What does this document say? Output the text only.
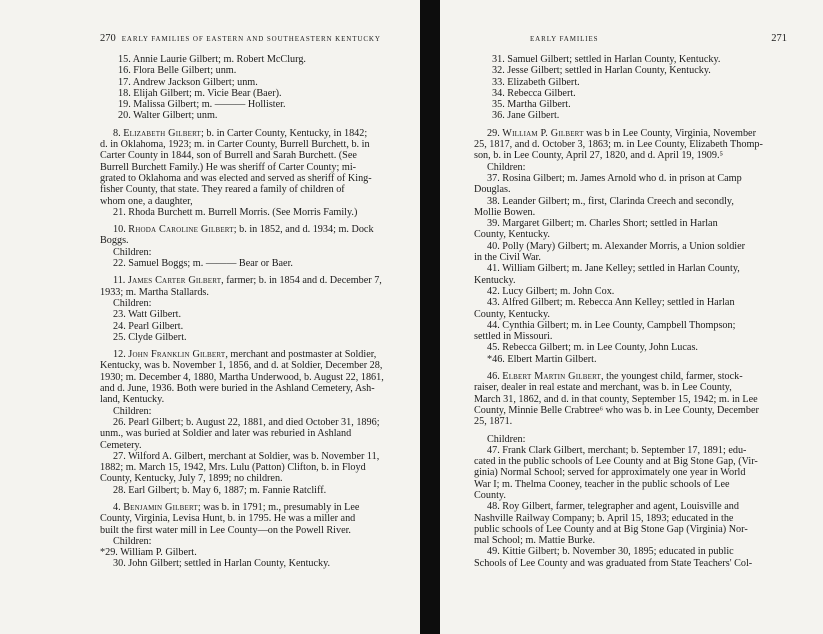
270 EARLY FAMILIES OF EASTERN AND SOUTHEASTERN KENTUCKY
15. Annie Laurie Gilbert; m. Robert McClurg.
16. Flora Belle Gilbert; unm.
17. Andrew Jackson Gilbert; unm.
18. Elijah Gilbert; m. Vicie Bear (Baer).
19. Malissa Gilbert; m. ——— Hollister.
20. Walter Gilbert; unm.
8. Elizabeth Gilbert; b. in Carter County, Kentucky, in 1842;
d. in Oklahoma, 1923; m. in Carter County, Burrell Burchett, b. in
Carter County in 1844, son of Burrell and Sarah Burchett. (See
Burrell Burchett Family.) He was sheriff of Carter County; mi-
grated to Oklahoma and was elected and served as sheriff of King-
fisher County, that state. They reared a family of children of
whom one, a daughter,
21. Rhoda Burchett m. Burrell Morris. (See Morris Family.)
10. Rhoda Caroline Gilbert; b. in 1852, and d. 1934; m. Dock
Boggs.
Children:
22. Samuel Boggs; m. ——— Bear or Baer.
11. James Carter Gilbert, farmer; b. in 1854 and d. December 7,
1933; m. Martha Stallards.
Children:
23. Watt Gilbert.
24. Pearl Gilbert.
25. Clyde Gilbert.
12. John Franklin Gilbert, merchant and postmaster at Soldier,
Kentucky, was b. November 1, 1856, and d. at Soldier, December 28,
1930; m. December 4, 1880, Martha Underwood, b. August 22, 1861,
and d. June, 1936. Both were buried in the Ashland Cemetery, Ash-
land, Kentucky.
Children:
26. Pearl Gilbert; b. August 22, 1881, and died October 31, 1896;
unm., was buried at Soldier and later was reburied in Ashland
Cemetery.
27. Wilford A. Gilbert, merchant at Soldier, was b. November 11,
1882; m. March 15, 1942, Mrs. Lulu (Patton) Clifton, b. in Floyd
County, Kentucky, July 7, 1899; no children.
28. Earl Gilbert; b. May 6, 1887; m. Fannie Ratcliff.
4. Benjamin Gilbert; was b. in 1791; m., presumably in Lee
County, Virginia, Levisa Hunt, b. in 1795. He was a miller and
built the first water mill in Lee County—on the Powell River.
Children:
*29. William P. Gilbert.
30. John Gilbert; settled in Harlan County, Kentucky.
EARLY FAMILIES	271
31. Samuel Gilbert; settled in Harlan County, Kentucky.
32. Jesse Gilbert; settled in Harlan County, Kentucky.
33. Elizabeth Gilbert.
34. Rebecca Gilbert.
35. Martha Gilbert.
36. Jane Gilbert.
29. William P. Gilbert was b in Lee County, Virginia, November
25, 1817, and d. October 3, 1863; m. in Lee County, Elizabeth Thomp-
son, b. in Lee County, April 27, 1820, and d. April 19, 1909.⁵
Children:
37. Rosina Gilbert; m. James Arnold who d. in prison at Camp
Douglas.
38. Leander Gilbert; m., first, Clarinda Creech and secondly,
Mollie Bowen.
39. Margaret Gilbert; m. Charles Short; settled in Harlan
County, Kentucky.
40. Polly (Mary) Gilbert; m. Alexander Morris, a Union soldier
in the Civil War.
41. William Gilbert; m. Jane Kelley; settled in Harlan County,
Kentucky.
42. Lucy Gilbert; m. John Cox.
43. Alfred Gilbert; m. Rebecca Ann Kelley; settled in Harlan
County, Kentucky.
44. Cynthia Gilbert; m. in Lee County, Campbell Thompson;
settled in Missouri.
45. Rebecca Gilbert; m. in Lee County, John Lucas.
*46. Elbert Martin Gilbert.
46. Elbert Martin Gilbert, the youngest child, farmer, stock-
raiser, dealer in real estate and merchant, was b. in Lee County,
March 31, 1862, and d. in that county, September 15, 1942; m. in Lee
County, Minnie Belle Crabtree⁶ who was b. in Lee County, December
25, 1871.
Children:
47. Frank Clark Gilbert, merchant; b. September 17, 1891; edu-
cated in the public schools of Lee County and at Big Stone Gap, (Vir-
ginia) Normal School; served for approximately one year in World
War I; m. Thelma Cooney, teacher in the public schools of Lee
County.
48. Roy Gilbert, farmer, telegrapher and agent, Louisville and
Nashville Railway Company; b. April 15, 1893; educated in the
public schools of Lee County and at Big Stone Gap (Virginia) Nor-
mal School; m. Mattie Burke.
49. Kittie Gilbert; b. November 30, 1895; educated in public
Schools of Lee County and was graduated from State Teachers' Col-
